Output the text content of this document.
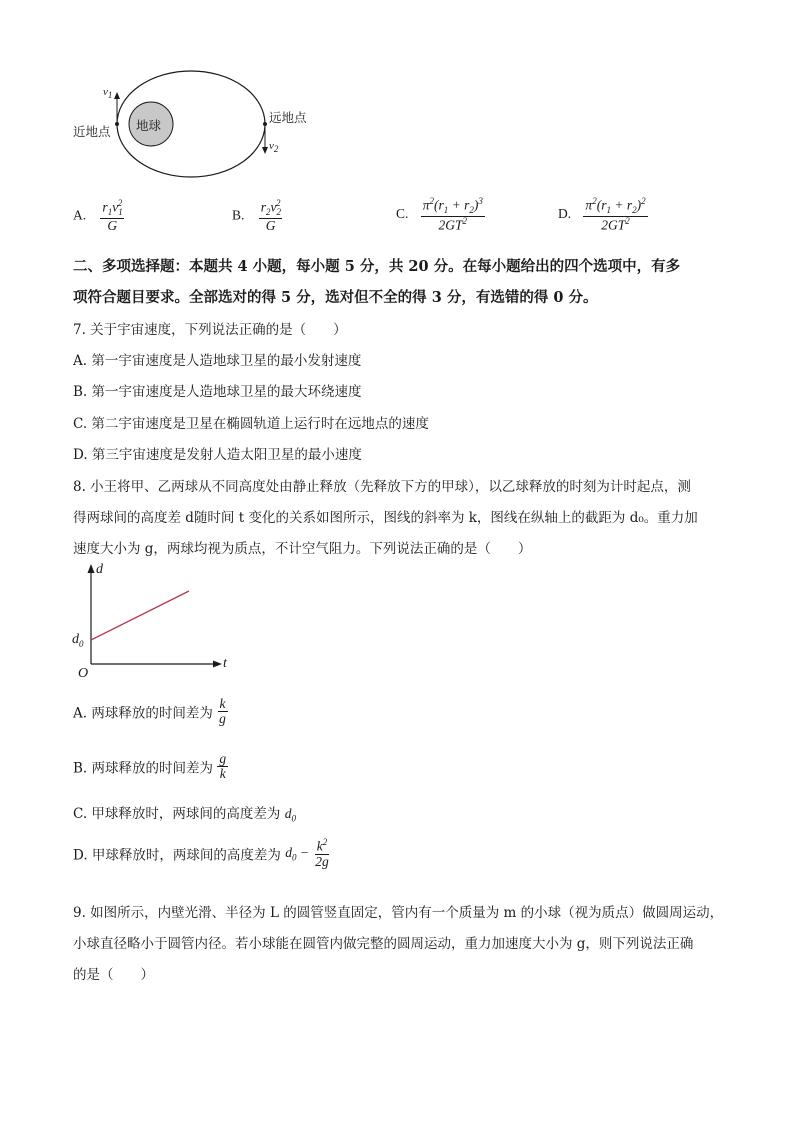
地球
近地点
远地点
$v_1$
$v_2$
A. $\frac{r_1v_1^2}{G}$	B. $\frac{r_2v_2^2}{G}$	C. $\frac{\pi^2(r_1 + r_2)^3}{2GT^2}$	D. $\frac{\pi^2(r_1 + r_2)^2}{2GT^2}$
二、多项选择题：本题共 4 小题，每小题 5 分，共 20 分。在每小题给出的四个选项中，有多
项符合题目要求。全部选对的得 5 分，选对但不全的得 3 分，有选错的得 0 分。
7. 关于宇宙速度，下列说法正确的是（　　）
A. 第一宇宙速度是人造地球卫星的最小发射速度
B. 第一宇宙速度是人造地球卫星的最大环绕速度
C. 第二宇宙速度是卫星在椭圆轨道上运行时在远地点的速度
D. 第三宇宙速度是发射人造太阳卫星的最小速度
8. 小王将甲、乙两球从不同高度处由静止释放（先释放下方的甲球），以乙球释放的时刻为计时起点，测
得两球间的高度差 d随时间 t 变化的关系如图所示，图线的斜率为 k，图线在纵轴上的截距为 d₀。重力加
速度大小为 g，两球均视为质点，不计空气阻力。下列说法正确的是（　　）
d
t
O
$d_0$
A. 两球释放的时间差为 $\frac{k}{g}$
B. 两球释放的时间差为 $\frac{g}{k}$
C. 甲球释放时，两球间的高度差为 $d_0$
D. 甲球释放时，两球间的高度差为 $d_0 - \frac{k^2}{2g}$
9. 如图所示，内壁光滑、半径为 L 的圆管竖直固定，管内有一个质量为 m 的小球（视为质点）做圆周运动，
小球直径略小于圆管内径。若小球能在圆管内做完整的圆周运动，重力加速度大小为 g，则下列说法正确
的是（　　）
